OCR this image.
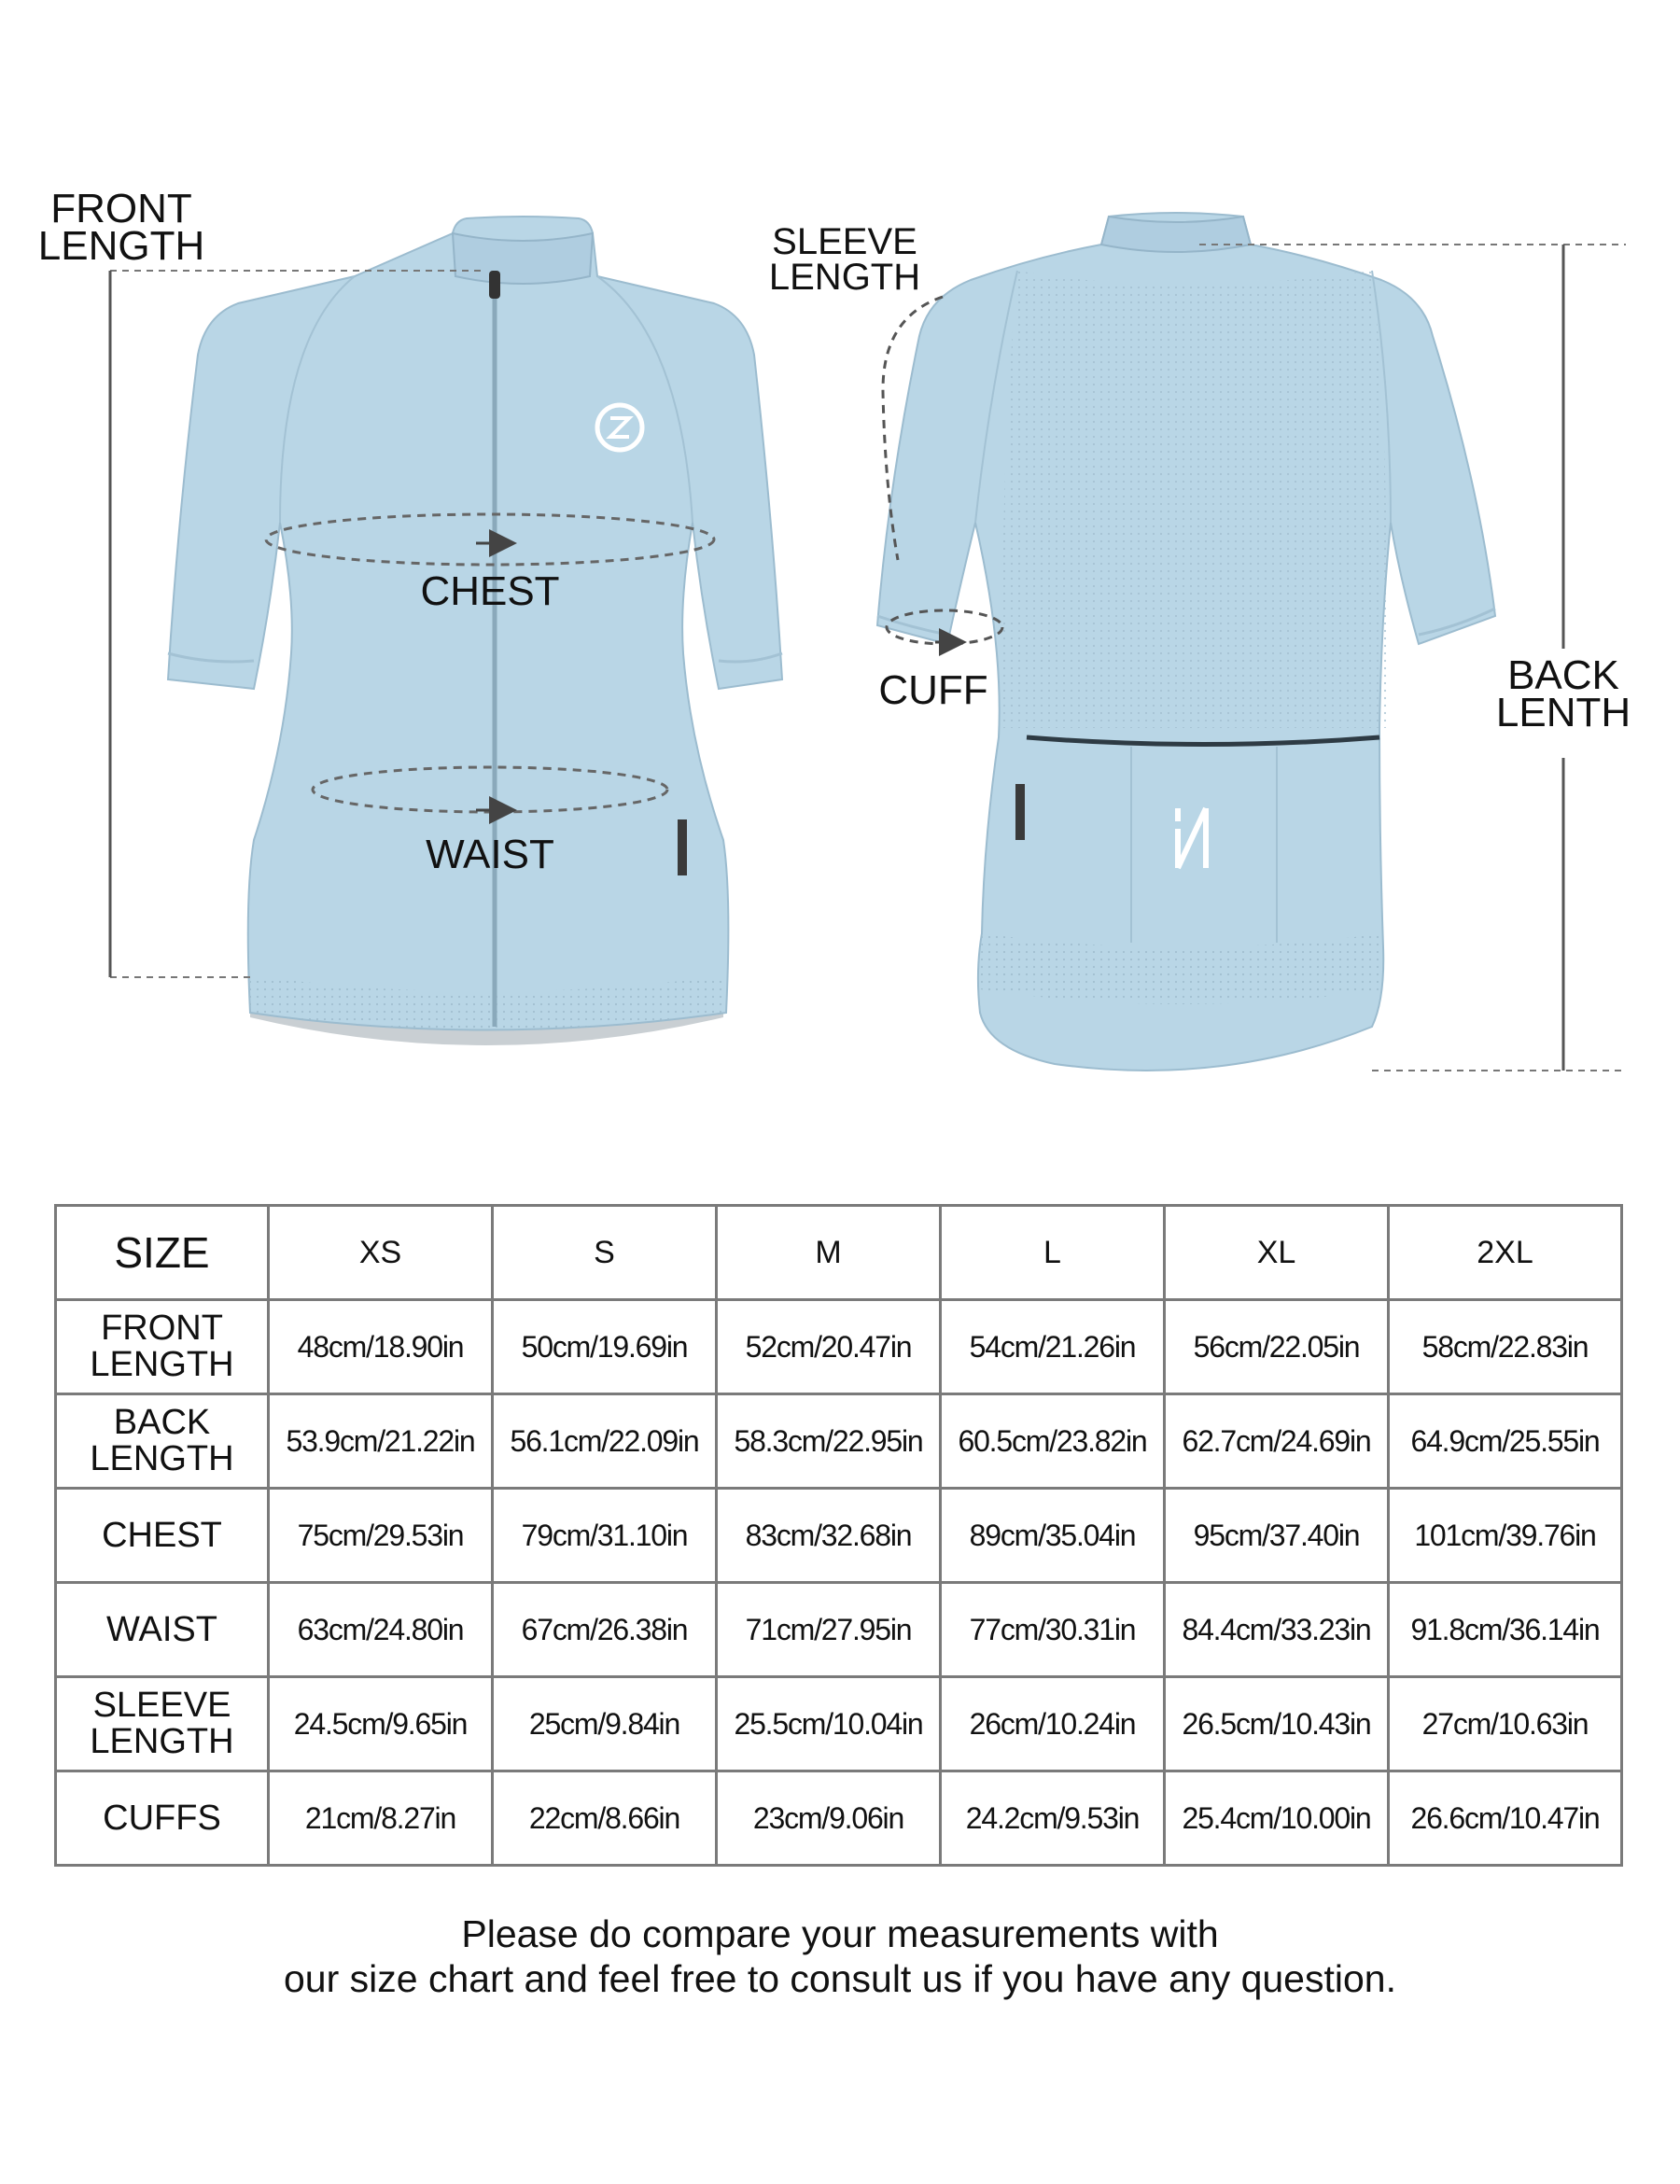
FRONT
LENGTH	SLEEVE
LENGTH
CHEST
WAIST
CUFF	BACK
LENTH
SIZE	XS	S	M	L	XL	2XL

FRONT
LENGTH	48cm/18.90in	50cm/19.69in	52cm/20.47in	54cm/21.26in	56cm/22.05in	58cm/22.83in

BACK
LENGTH	53.9cm/21.22in	56.1cm/22.09in	58.3cm/22.95in	60.5cm/23.82in	62.7cm/24.69in	64.9cm/25.55in

CHEST	75cm/29.53in	79cm/31.10in	83cm/32.68in	89cm/35.04in	95cm/37.40in	101cm/39.76in

WAIST	63cm/24.80in	67cm/26.38in	71cm/27.95in	77cm/30.31in	84.4cm/33.23in	91.8cm/36.14in

SLEEVE
LENGTH	24.5cm/9.65in	25cm/9.84in	25.5cm/10.04in	26cm/10.24in	26.5cm/10.43in	27cm/10.63in

CUFFS	21cm/8.27in	22cm/8.66in	23cm/9.06in	24.2cm/9.53in	25.4cm/10.00in	26.6cm/10.47in
Please do compare your measurements with
our size chart and feel free to consult us if you have any question.
